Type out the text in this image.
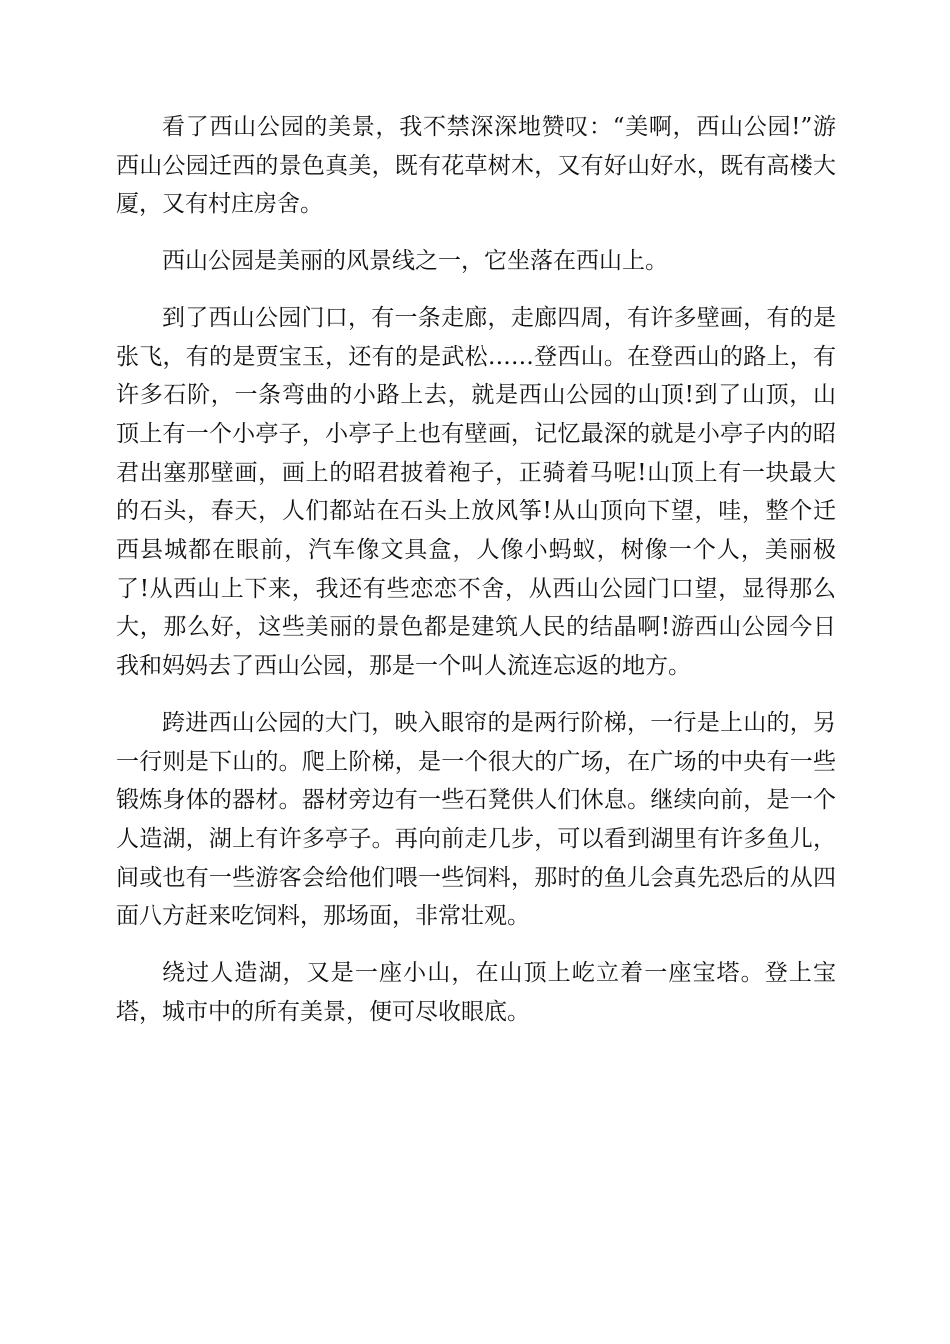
看了西山公园的美景，我不禁深深地赞叹：“美啊，西山公园!”游西山公园迁西的景色真美，既有花草树木，又有好山好水，既有高楼大厦，又有村庄房舍。

西山公园是美丽的风景线之一，它坐落在西山上。

到了西山公园门口，有一条走廊，走廊四周，有许多壁画，有的是张飞，有的是贾宝玉，还有的是武松……登西山。在登西山的路上，有许多石阶，一条弯曲的小路上去，就是西山公园的山顶!到了山顶，山顶上有一个小亭子，小亭子上也有壁画，记忆最深的就是小亭子内的昭君出塞那壁画，画上的昭君披着袍子，正骑着马呢!山顶上有一块最大的石头，春天，人们都站在石头上放风筝!从山顶向下望，哇，整个迁西县城都在眼前，汽车像文具盒，人像小蚂蚁，树像一个人，美丽极了!从西山上下来，我还有些恋恋不舍，从西山公园门口望，显得那么大，那么好，这些美丽的景色都是建筑人民的结晶啊!游西山公园今日我和妈妈去了西山公园，那是一个叫人流连忘返的地方。

跨进西山公园的大门，映入眼帘的是两行阶梯，一行是上山的，另一行则是下山的。爬上阶梯，是一个很大的广场，在广场的中央有一些锻炼身体的器材。器材旁边有一些石凳供人们休息。继续向前，是一个人造湖，湖上有许多亭子。再向前走几步，可以看到湖里有许多鱼儿，间或也有一些游客会给他们喂一些饲料，那时的鱼儿会真先恐后的从四面八方赶来吃饲料，那场面，非常壮观。

绕过人造湖，又是一座小山，在山顶上屹立着一座宝塔。登上宝塔，城市中的所有美景，便可尽收眼底。
